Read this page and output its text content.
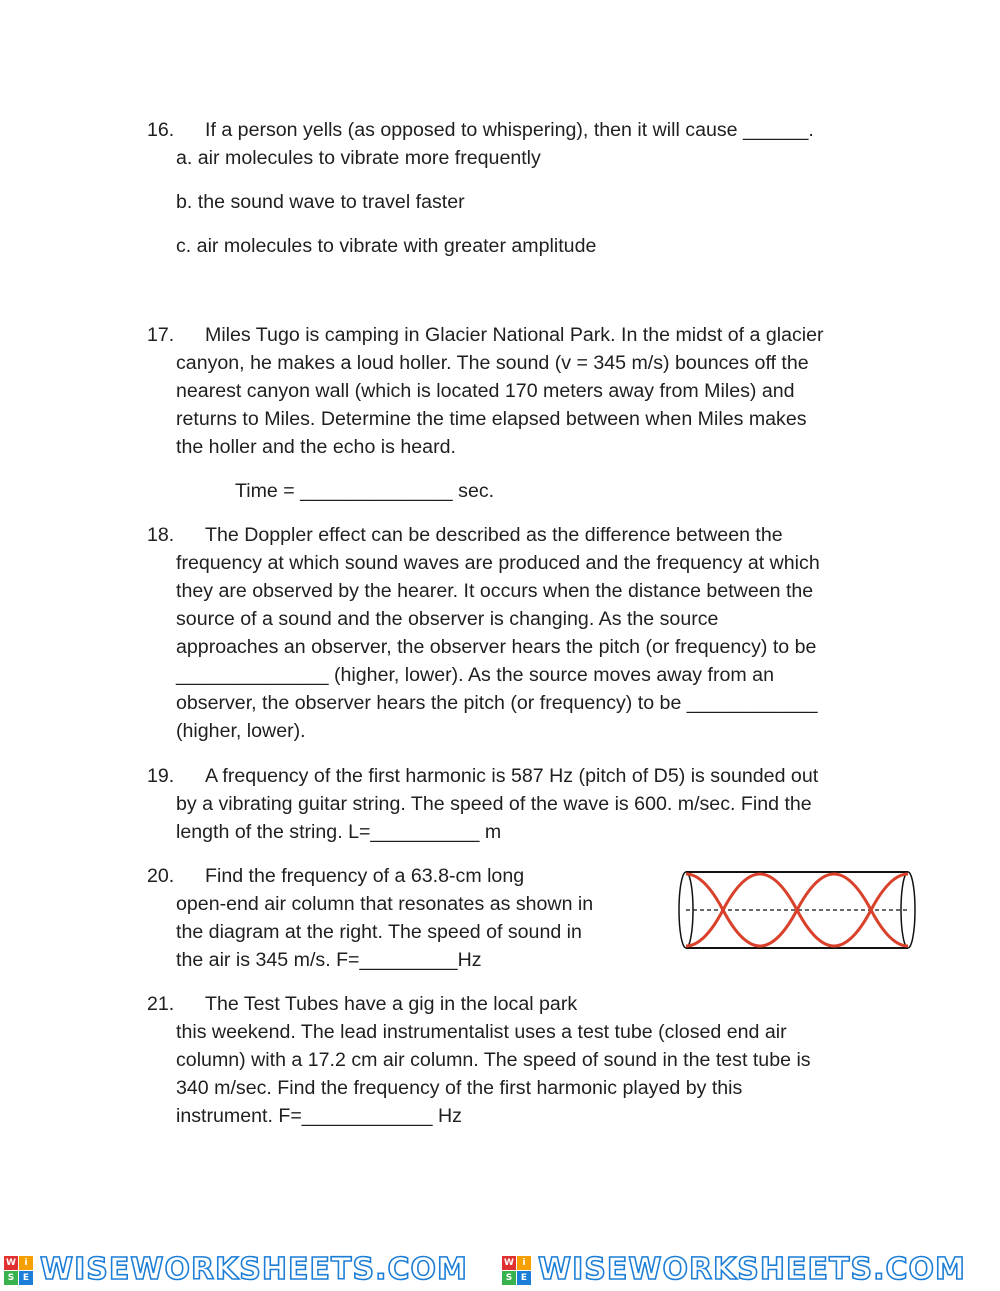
16. If a person yells (as opposed to whispering), then it will cause ______.
a. air molecules to vibrate more frequently
b. the sound wave to travel faster
c. air molecules to vibrate with greater amplitude
17. Miles Tugo is camping in Glacier National Park. In the midst of a glacier
canyon, he makes a loud holler. The sound (v = 345 m/s) bounces off the
nearest canyon wall (which is located 170 meters away from Miles) and
returns to Miles. Determine the time elapsed between when Miles makes
the holler and the echo is heard.
Time = ______________ sec.
18. The Doppler effect can be described as the difference between the
frequency at which sound waves are produced and the frequency at which
they are observed by the hearer. It occurs when the distance between the
source of a sound and the observer is changing. As the source
approaches an observer, the observer hears the pitch (or frequency) to be
______________ (higher, lower). As the source moves away from an
observer, the observer hears the pitch (or frequency) to be ____________
(higher, lower).
19. A frequency of the first harmonic is 587 Hz (pitch of D5) is sounded out
by a vibrating guitar string. The speed of the wave is 600. m/sec. Find the
length of the string. L=__________ m
20. Find the frequency of a 63.8-cm long
open-end air column that resonates as shown in
the diagram at the right. The speed of sound in
the air is 345 m/s. F=_________Hz
21. The Test Tubes have a gig in the local park
this weekend. The lead instrumentalist uses a test tube (closed end air
column) with a 17.2 cm air column. The speed of sound in the test tube is
340 m/sec. Find the frequency of the first harmonic played by this
instrument. F=____________ Hz
W i
S E WISEWORKSHEETS.COM	W i
S E WISEWORKSHEETS.COM
